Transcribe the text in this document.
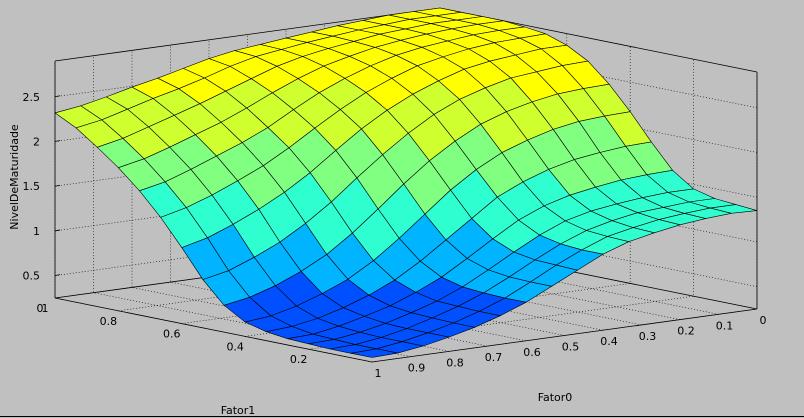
0.5
1
1.5
2
2.5
0
0
0.1
0.2
0.3
0.4
0.5
0.6
0.7
0.8
0.9
1
0.2
0.4
0.6
0.8
1
NivelDeMaturidade
Fator0
Fator1
